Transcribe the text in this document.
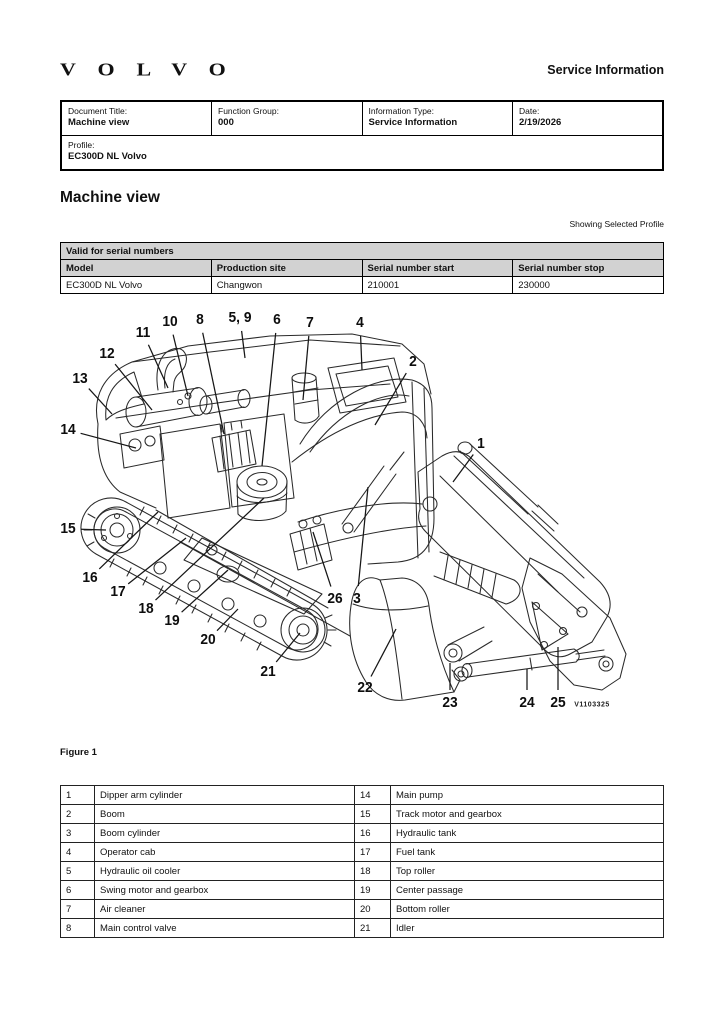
VOLVO	Service Information
Document Title:
Machine view

Function Group:
000

Information Type:
Service Information

Date:
2/19/2026

Profile:
EC300D NL Volvo
Machine view
Showing Selected Profile
Valid for serial numbers			
Model	Production site	Serial number start	Serial number stop
EC300D NL Volvo	Changwon	210001	230000
V1103325
1
2
3
4
5, 9 6 7
8
10
11
12
13
14
15
16
17
18
19
20
21
22
23	24 25
26
Figure 1
1	Dipper arm cylinder	14	Main pump
2	Boom	15	Track motor and gearbox
3	Boom cylinder	16	Hydraulic tank
4	Operator cab	17	Fuel tank
5	Hydraulic oil cooler	18	Top roller
6	Swing motor and gearbox	19	Center passage
7	Air cleaner	20	Bottom roller
8	Main control valve	21	Idler
